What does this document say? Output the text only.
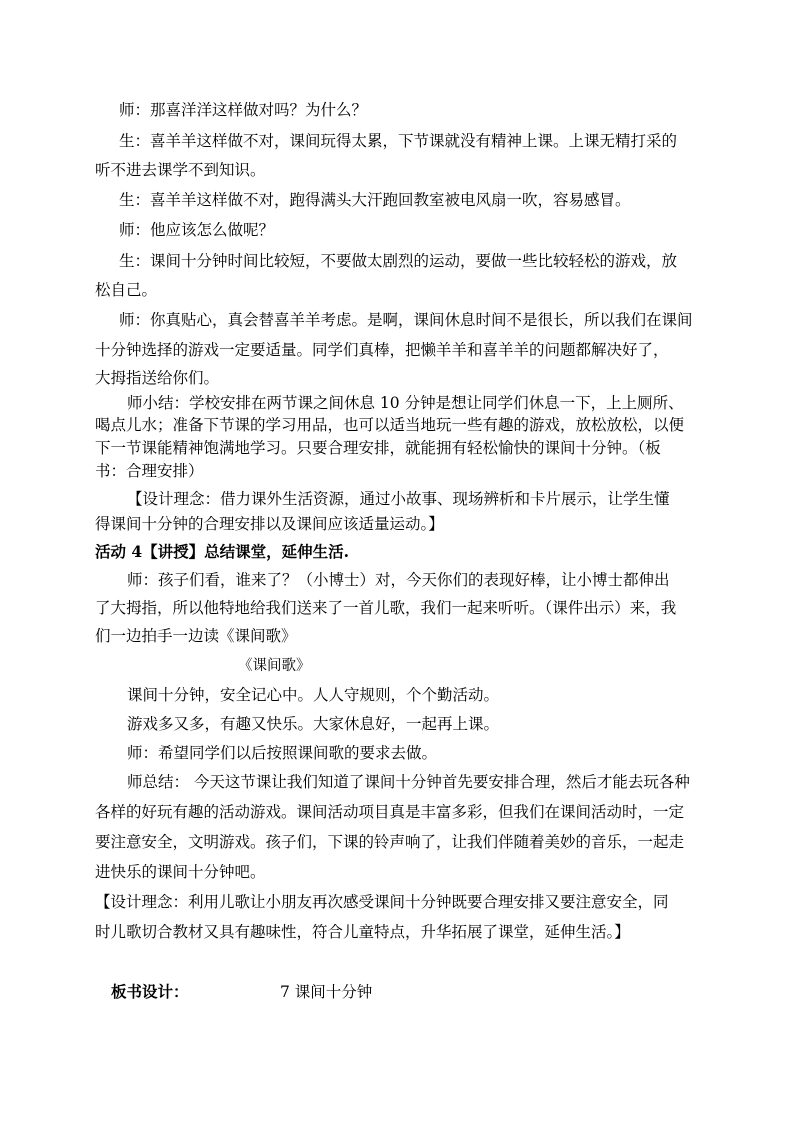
师：那喜洋洋这样做对吗？为什么？
生：喜羊羊这样做不对，课间玩得太累，下节课就没有精神上课。上课无精打采的
听不进去课学不到知识。
生：喜羊羊这样做不对，跑得满头大汗跑回教室被电风扇一吹，容易感冒。
师：他应该怎么做呢？
生：课间十分钟时间比较短，不要做太剧烈的运动，要做一些比较轻松的游戏，放
松自己。
师：你真贴心，真会替喜羊羊考虑。是啊，课间休息时间不是很长，所以我们在课间
十分钟选择的游戏一定要适量。同学们真棒，把懒羊羊和喜羊羊的问题都解决好了，
大拇指送给你们。
师小结：学校安排在两节课之间休息 10 分钟是想让同学们休息一下，上上厕所、
喝点儿水；准备下节课的学习用品，也可以适当地玩一些有趣的游戏，放松放松，以便
下一节课能精神饱满地学习。只要合理安排，就能拥有轻松愉快的课间十分钟。（板
书：合理安排）
【设计理念：借力课外生活资源，通过小故事、现场辨析和卡片展示，让学生懂
得课间十分钟的合理安排以及课间应该适量运动。】
活动 4【讲授】总结课堂，延伸生活.
师：孩子们看，谁来了？（小博士）对，今天你们的表现好棒，让小博士都伸出
了大拇指，所以他特地给我们送来了一首儿歌，我们一起来听听。（课件出示）来，我
们一边拍手一边读《课间歌》
《课间歌》
课间十分钟，安全记心中。人人守规则，个个勤活动。
游戏多又多，有趣又快乐。大家休息好，一起再上课。
师：希望同学们以后按照课间歌的要求去做。
师总结： 今天这节课让我们知道了课间十分钟首先要安排合理，然后才能去玩各种
各样的好玩有趣的活动游戏。课间活动项目真是丰富多彩，但我们在课间活动时，一定
要注意安全，文明游戏。孩子们，下课的铃声响了，让我们伴随着美妙的音乐，一起走
进快乐的课间十分钟吧。
【设计理念：利用儿歌让小朋友再次感受课间十分钟既要合理安排又要注意安全，同
时儿歌切合教材又具有趣味性，符合儿童特点，升华拓展了课堂，延伸生活。】
板书设计：	7 课间十分钟
